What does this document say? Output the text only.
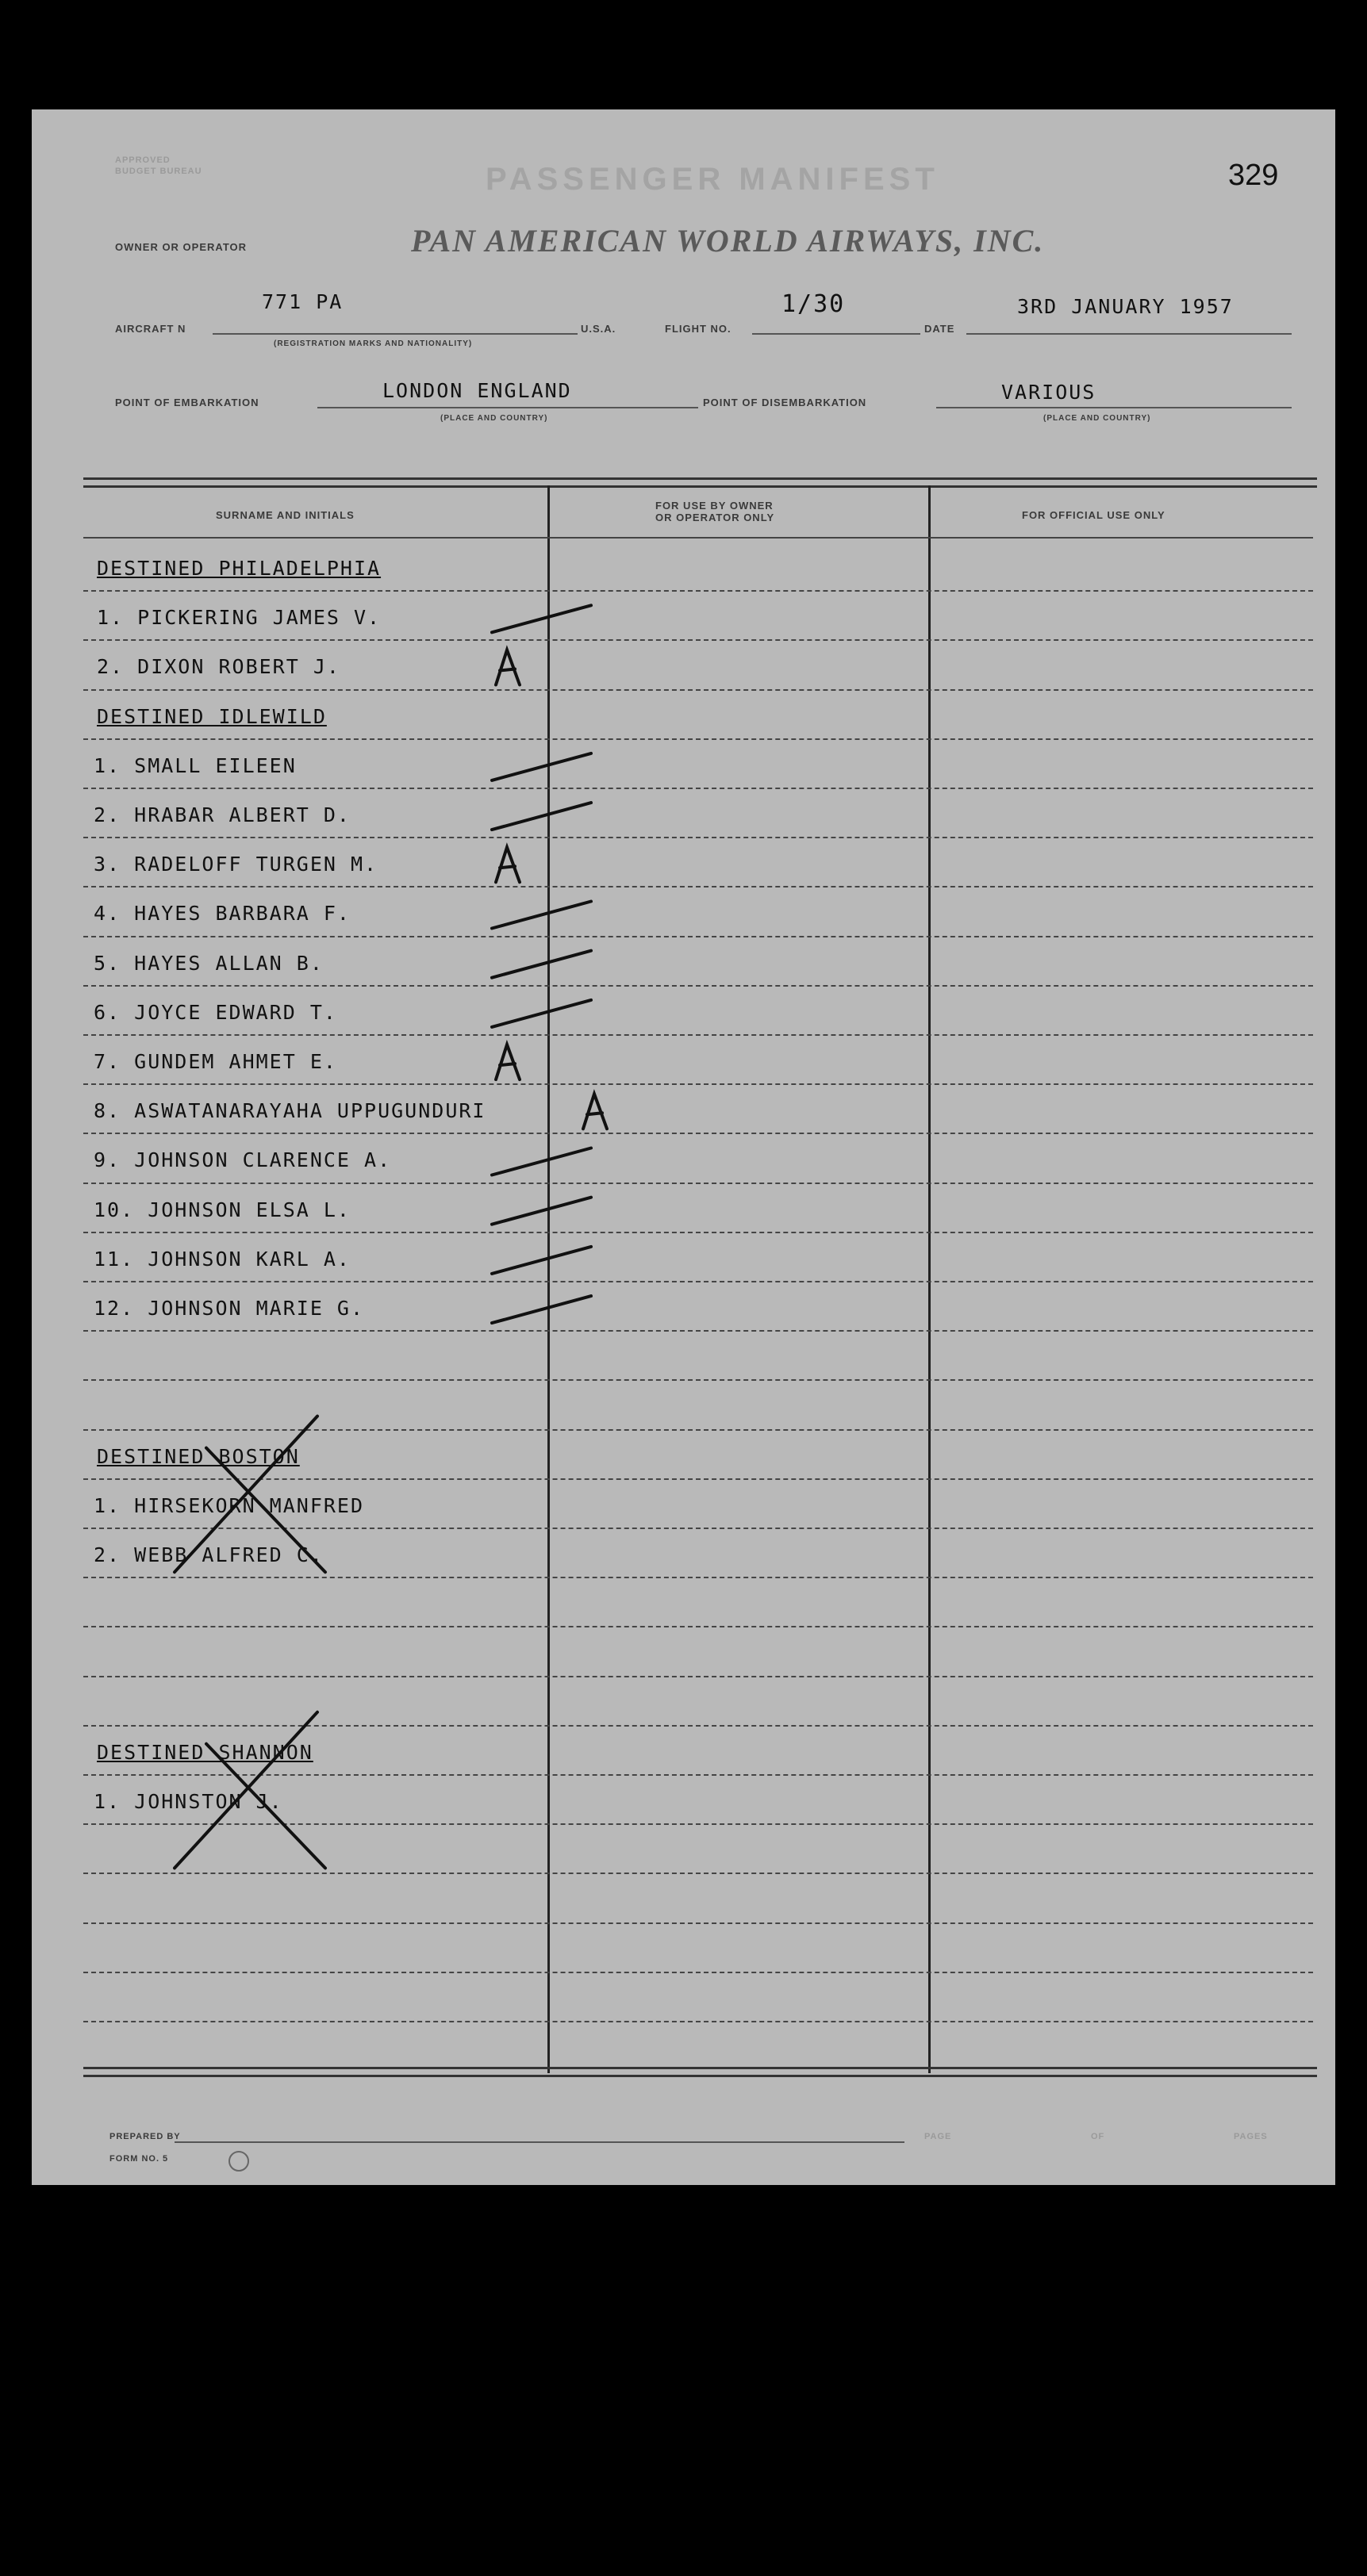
APPROVED
BUDGET BUREAU	PASSENGER MANIFEST	329
OWNER OR OPERATOR	PAN AMERICAN WORLD AIRWAYS, INC.
AIRCRAFT N
771 PA
(REGISTRATION MARKS AND NATIONALITY)
U.S.A.	FLIGHT NO.
1/30
DATE
3RD JANUARY 1957
POINT OF EMBARKATION
LONDON ENGLAND
(PLACE AND COUNTRY)
POINT OF DISEMBARKATION	VARIOUS
(PLACE AND COUNTRY)
SURNAME AND INITIALS
FOR USE BY OWNER
OR OPERATOR ONLY	FOR OFFICIAL USE ONLY
DESTINED PHILADELPHIA
1. PICKERING JAMES V.
2. DIXON ROBERT J.
DESTINED IDLEWILD
1. SMALL EILEEN
2. HRABAR ALBERT D.
3. RADELOFF TURGEN M.
4. HAYES BARBARA F.
5. HAYES ALLAN B.
6. JOYCE EDWARD T.
7. GUNDEM AHMET E.
8. ASWATANARAYAHA UPPUGUNDURI
9. JOHNSON CLARENCE A.
10. JOHNSON ELSA L.
11. JOHNSON KARL A.
12. JOHNSON MARIE G.
DESTINED BOSTON
1. HIRSEKORN MANFRED
2. WEBB ALFRED C.
DESTINED SHANNON
1. JOHNSTON J.
PREPARED BY
FORM NO. 5
PAGE	OF	PAGES
